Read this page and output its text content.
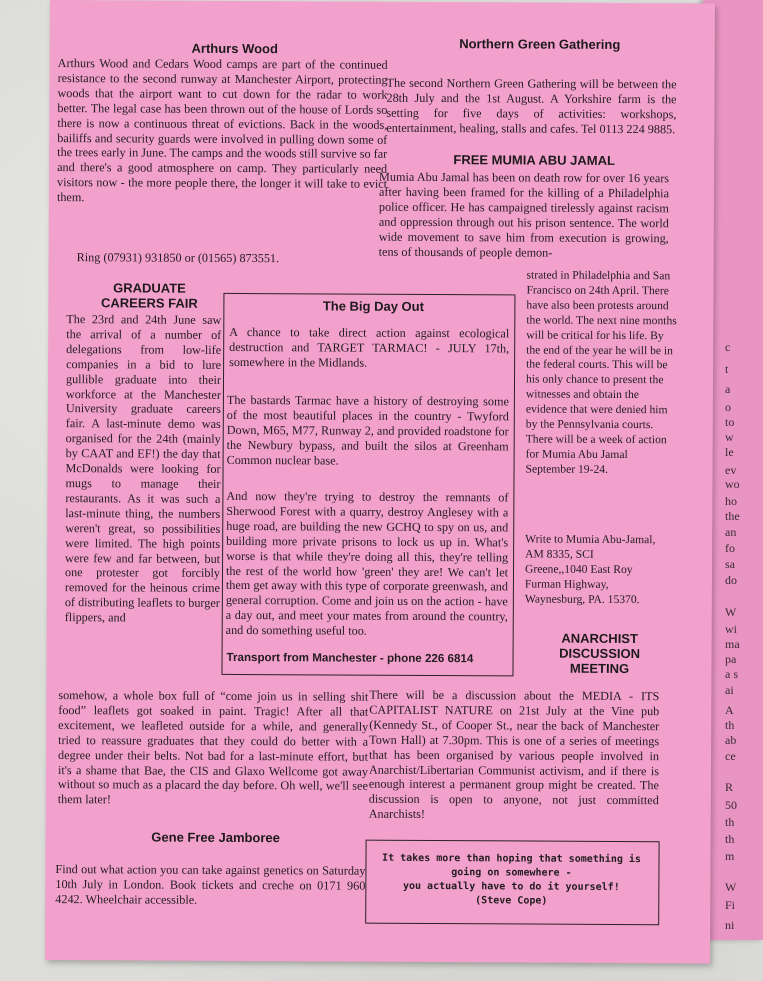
c
t
a
o
to
w
le
ev
wo
ho
the
an
fo
sa
do
W
wi
ma
pa
a s
ai
A
th
ab
ce
R
50
th
th
m
W
Fi
ni
Arthurs Wood
Arthurs Wood and Cedars Wood camps are part of the continued resistance to the second runway at Manchester Airport, protecting woods that the airport want to cut down for the radar to work better. The legal case has been thrown out of the house of Lords so there is now a continuous threat of evictions. Back in the woods, bailiffs and security guards were involved in pulling down some of the trees early in June. The camps and the woods still survive so far and there's a good atmosphere on camp. They particularly need visitors now - the more people there, the longer it will take to evict them.
Ring (07931) 931850 or (01565) 873551.
Northern Green Gathering
The second Northern Green Gathering will be between the 28th July and the 1st August. A Yorkshire farm is the setting for five days of activities: workshops, entertainment, healing, stalls and cafes. Tel 0113 224 9885.
FREE MUMIA ABU JAMAL
Mumia Abu Jamal has been on death row for over 16 years after having been framed for the killing of a Philadelphia police officer. He has campaigned tirelessly against racism and oppression through out his prison sentence. The world wide movement to save him from execution is growing, tens of thousands of people demon-
strated in Philadelphia and San Francisco on 24th April. There have also been protests around the world. The next nine months will be critical for his life. By the end of the year he will be in the federal courts. This will be his only chance to present the witnesses and obtain the evidence that were denied him by the Pennsylvania courts. There will be a week of action for Mumia Abu Jamal September 19-24.
Write to Mumia Abu-Jamal,
AM 8335, SCI
Greene,,1040 East Roy
Furman Highway,
Waynesburg, PA. 15370.
GRADUATE
CAREERS FAIR
The 23rd and 24th June saw the arrival of a number of delegations from low-life companies in a bid to lure gullible graduate into their workforce at the Manchester University graduate careers fair. A last-minute demo was organised for the 24th (mainly by CAAT and EF!) the day that McDonalds were looking for mugs to manage their restaurants. As it was such a last-minute thing, the numbers weren't great, so possibilities were limited. The high points were few and far between, but one protester got forcibly removed for the heinous crime of distributing leaflets to burger flippers, and
somehow, a whole box full of “come join us in selling shit food” leaflets got soaked in paint. Tragic! After all that excitement, we leafleted outside for a while, and generally tried to reassure graduates that they could do better with a degree under their belts. Not bad for a last-minute effort, but it's a shame that Bae, the CIS and Glaxo Wellcome got away without so much as a placard the day before. Oh well, we'll see them later!
The Big Day Out
A chance to take direct action against ecological destruction and TARGET TARMAC! - JULY 17th, somewhere in the Midlands.
The bastards Tarmac have a history of destroying some of the most beautiful places in the country - Twyford Down, M65, M77, Runway 2, and provided roadstone for the Newbury bypass, and built the silos at Greenham Common nuclear base.
And now they're trying to destroy the remnants of Sherwood Forest with a quarry, destroy Anglesey with a huge road, are building the new GCHQ to spy on us, and building more private prisons to lock us up in. What's worse is that while they're doing all this, they're telling the rest of the world how 'green' they are! We can't let them get away with this type of corporate greenwash, and general corruption. Come and join us on the action - have a day out, and meet your mates from around the country, and do something useful too.
Transport from Manchester - phone 226 6814
ANARCHIST
DISCUSSION
MEETING
There will be a discussion about the MEDIA - ITS CAPITALIST NATURE on 21st July at the Vine pub (Kennedy St., of Cooper St., near the back of Manchester Town Hall) at 7.30pm. This is one of a series of meetings that has been organised by various people involved in Anarchist/Libertarian Communist activism, and if there is enough interest a permanent group might be created. The discussion is open to anyone, not just committed Anarchists!
Gene Free Jamboree
Find out what action you can take against genetics on Saturday 10th July in London. Book tickets and creche on 0171 960 4242. Wheelchair accessible.
It takes more than hoping that something is going on somewhere -
you actually have to do it yourself!
(Steve Cope)
